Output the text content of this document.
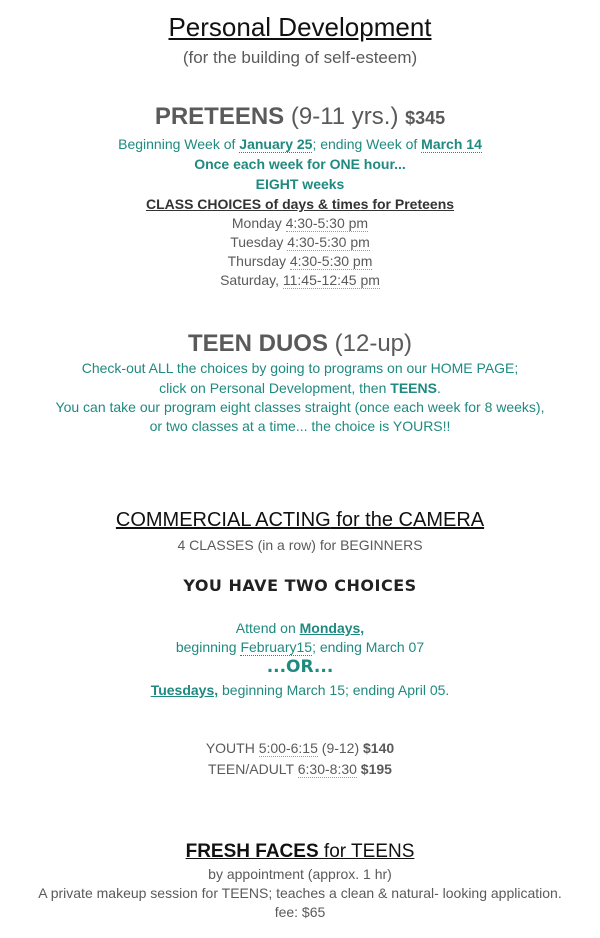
Personal Development
(for the building of self-esteem)
PRETEENS (9-11 yrs.) $345
Beginning Week of January 25; ending Week of March 14
Once each week for ONE hour...
EIGHT weeks
CLASS CHOICES of days & times for Preteens
Monday 4:30-5:30 pm
Tuesday 4:30-5:30 pm
Thursday 4:30-5:30 pm
Saturday, 11:45-12:45 pm
TEEN DUOS (12-up)
Check-out ALL the choices by going to programs on our HOME PAGE;
click on Personal Development, then TEENS.
You can take our program eight classes straight (once each week for 8 weeks),
or two classes at a time... the choice is YOURS!!
COMMERCIAL ACTING for the CAMERA
4 CLASSES (in a row) for BEGINNERS
YOU HAVE TWO CHOICES
Attend on Mondays,
beginning February15; ending March 07
...OR...
Tuesdays, beginning March 15; ending April 05.
YOUTH 5:00-6:15 (9-12) $140
TEEN/ADULT 6:30-8:30 $195
FRESH FACES for TEENS
by appointment (approx. 1 hr)
A private makeup session for TEENS; teaches a clean & natural- looking application.
fee: $65
